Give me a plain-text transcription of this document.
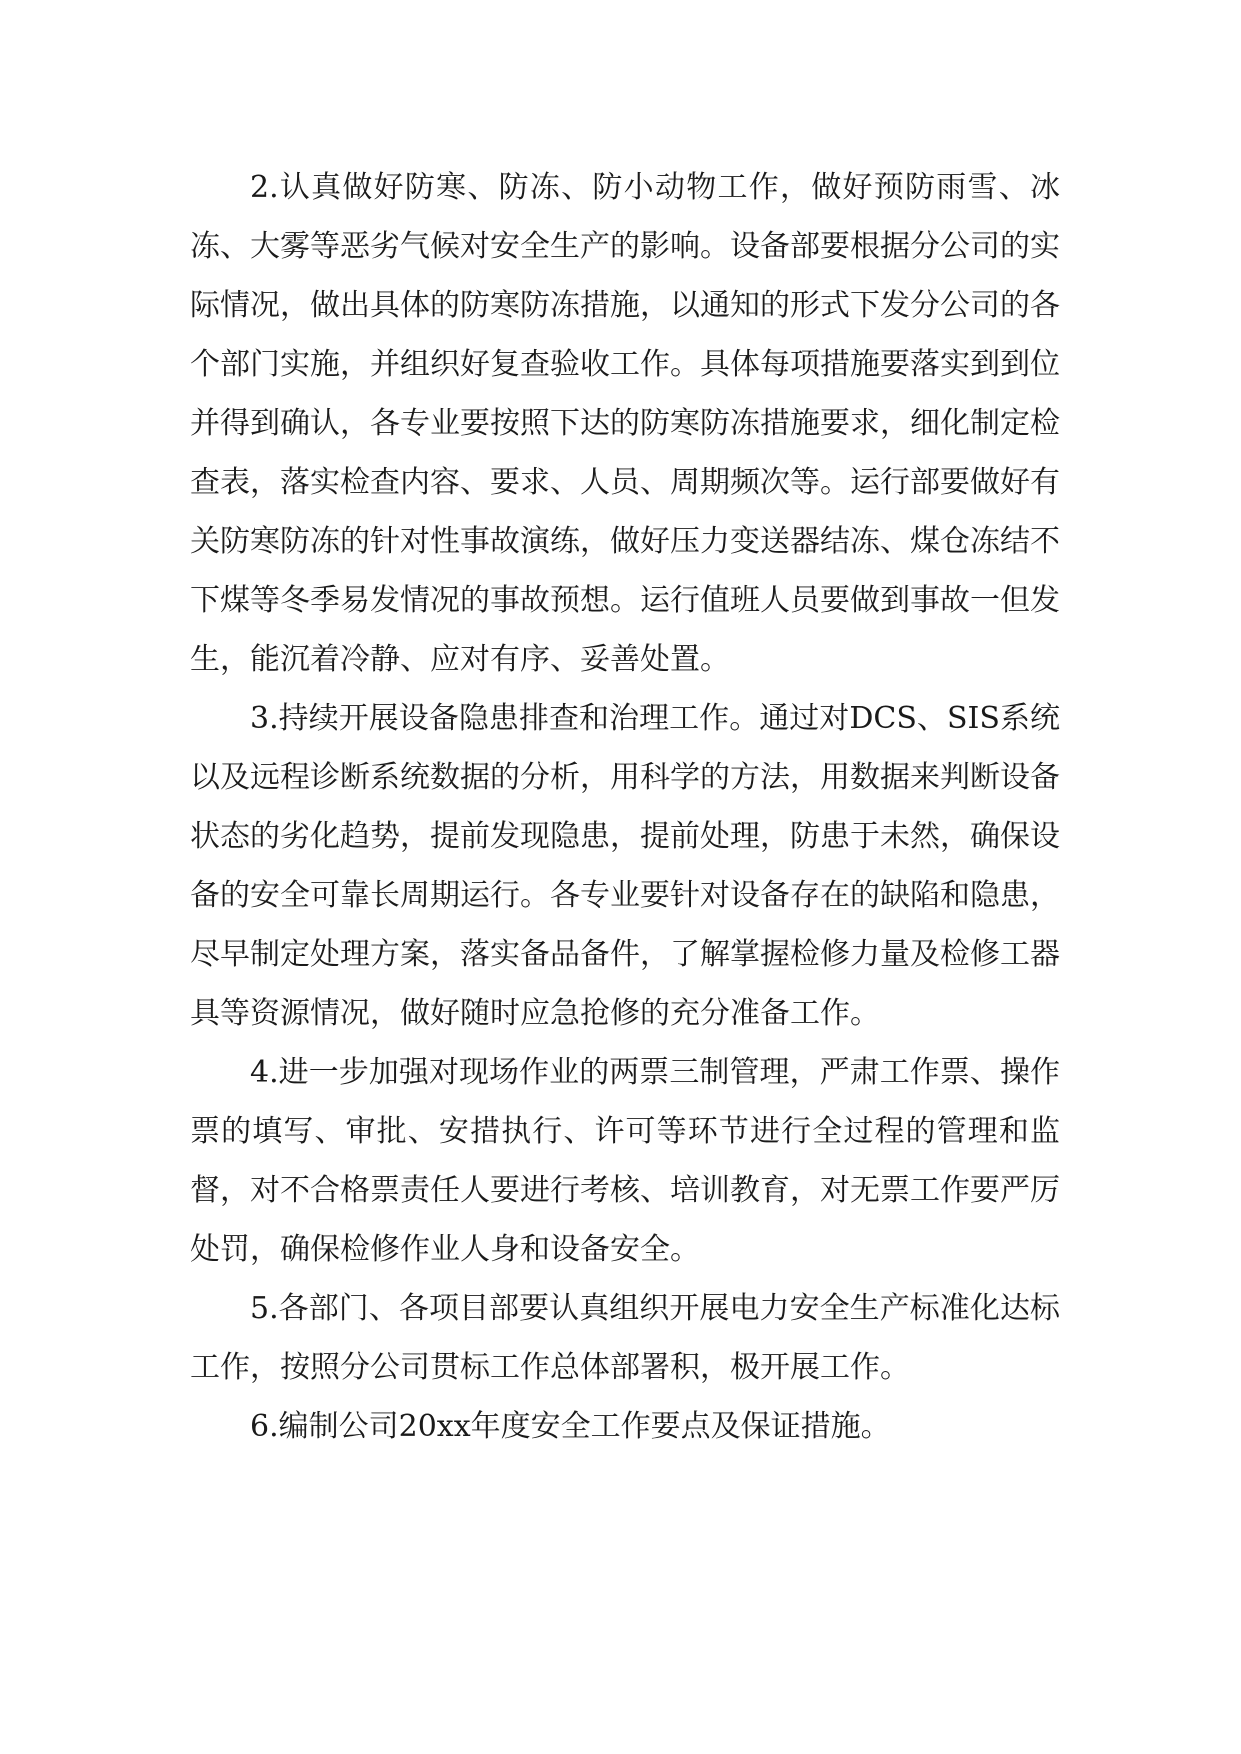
2.认真做好防寒、防冻、防小动物工作，做好预防雨雪、冰冻、大雾等恶劣气候对安全生产的影响。设备部要根据分公司的实际情况，做出具体的防寒防冻措施，以通知的形式下发分公司的各个部门实施，并组织好复查验收工作。具体每项措施要落实到到位并得到确认，各专业要按照下达的防寒防冻措施要求，细化制定检查表，落实检查内容、要求、人员、周期频次等。运行部要做好有关防寒防冻的针对性事故演练，做好压力变送器结冻、煤仓冻结不下煤等冬季易发情况的事故预想。运行值班人员要做到事故一但发生，能沉着冷静、应对有序、妥善处置。

3.持续开展设备隐患排查和治理工作。通过对DCS、SIS系统以及远程诊断系统数据的分析，用科学的方法，用数据来判断设备状态的劣化趋势，提前发现隐患，提前处理，防患于未然，确保设备的安全可靠长周期运行。各专业要针对设备存在的缺陷和隐患，尽早制定处理方案，落实备品备件，了解掌握检修力量及检修工器具等资源情况，做好随时应急抢修的充分准备工作。

4.进一步加强对现场作业的两票三制管理，严肃工作票、操作票的填写、审批、安措执行、许可等环节进行全过程的管理和监督，对不合格票责任人要进行考核、培训教育，对无票工作要严厉处罚，确保检修作业人身和设备安全。

5.各部门、各项目部要认真组织开展电力安全生产标准化达标工作，按照分公司贯标工作总体部署积，极开展工作。

6.编制公司20xx年度安全工作要点及保证措施。
